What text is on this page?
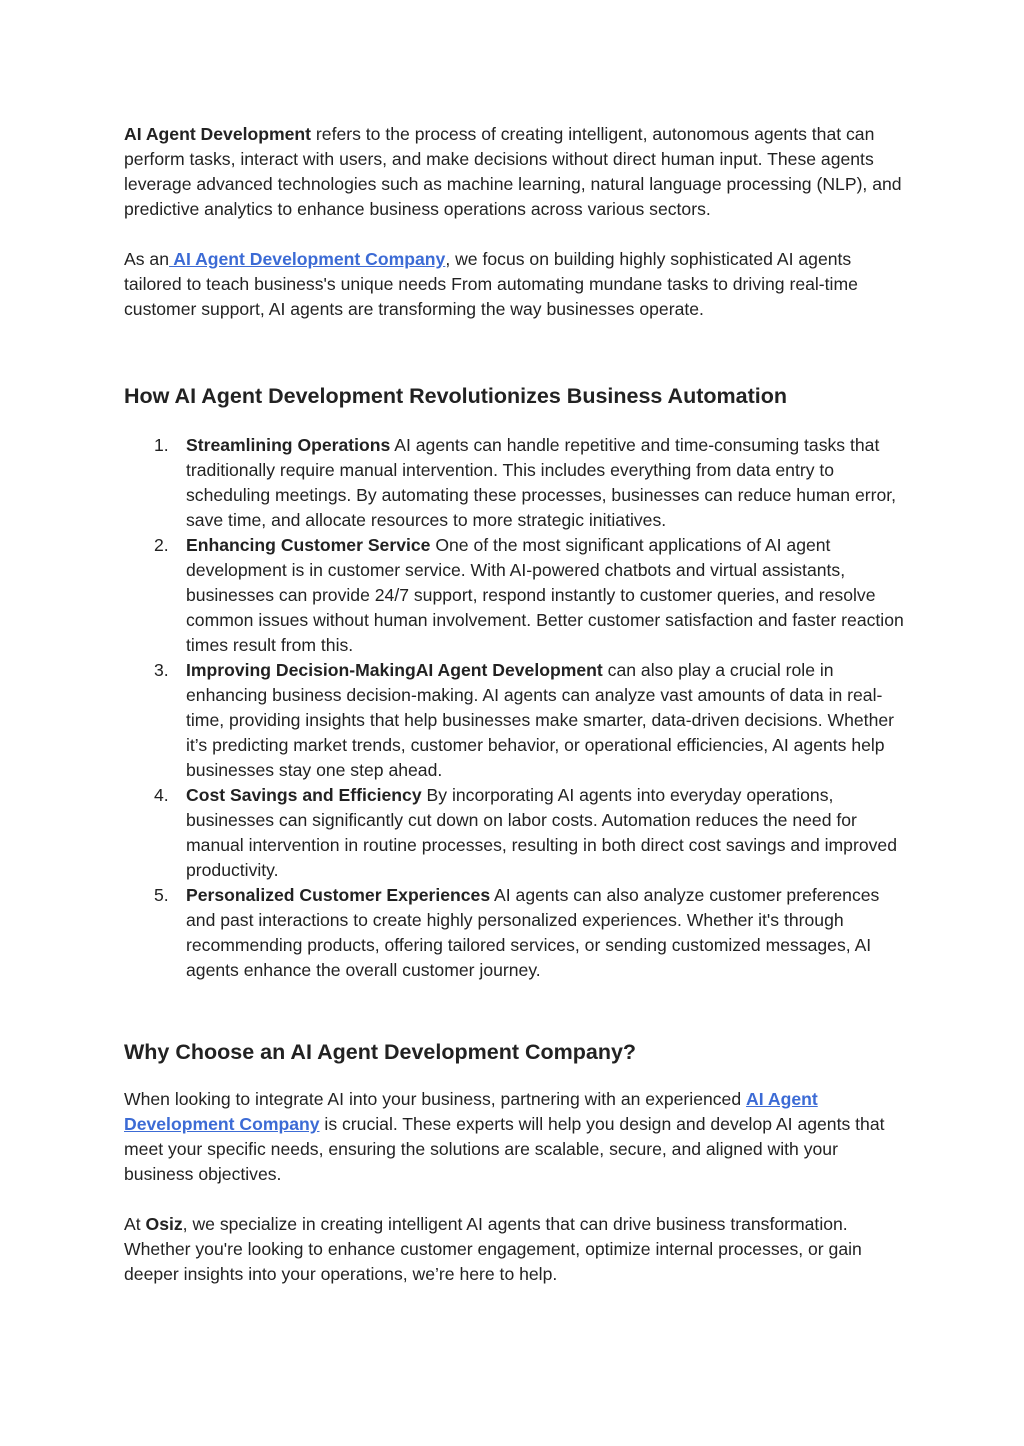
AI Agent Development refers to the process of creating intelligent, autonomous agents that can perform tasks, interact with users, and make decisions without direct human input. These agents leverage advanced technologies such as machine learning, natural language processing (NLP), and predictive analytics to enhance business operations across various sectors.

As an AI Agent Development Company, we focus on building highly sophisticated AI agents tailored to teach business's unique needs From automating mundane tasks to driving real-time customer support, AI agents are transforming the way businesses operate.

How AI Agent Development Revolutionizes Business Automation
1. Streamlining Operations AI agents can handle repetitive and time-consuming tasks that traditionally require manual intervention. This includes everything from data entry to scheduling meetings. By automating these processes, businesses can reduce human error, save time, and allocate resources to more strategic initiatives.
2. Enhancing Customer Service One of the most significant applications of AI agent development is in customer service. With AI-powered chatbots and virtual assistants, businesses can provide 24/7 support, respond instantly to customer queries, and resolve common issues without human involvement. Better customer satisfaction and faster reaction times result from this.
3. Improving Decision-MakingAI Agent Development can also play a crucial role in enhancing business decision-making. AI agents can analyze vast amounts of data in real-time, providing insights that help businesses make smarter, data-driven decisions. Whether it’s predicting market trends, customer behavior, or operational efficiencies, AI agents help businesses stay one step ahead.
4. Cost Savings and Efficiency By incorporating AI agents into everyday operations, businesses can significantly cut down on labor costs. Automation reduces the need for manual intervention in routine processes, resulting in both direct cost savings and improved productivity.
5. Personalized Customer Experiences AI agents can also analyze customer preferences and past interactions to create highly personalized experiences. Whether it's through recommending products, offering tailored services, or sending customized messages, AI agents enhance the overall customer journey.
Why Choose an AI Agent Development Company?

When looking to integrate AI into your business, partnering with an experienced AI Agent Development Company is crucial. These experts will help you design and develop AI agents that meet your specific needs, ensuring the solutions are scalable, secure, and aligned with your business objectives.

At Osiz, we specialize in creating intelligent AI agents that can drive business transformation. Whether you're looking to enhance customer engagement, optimize internal processes, or gain deeper insights into your operations, we’re here to help.
